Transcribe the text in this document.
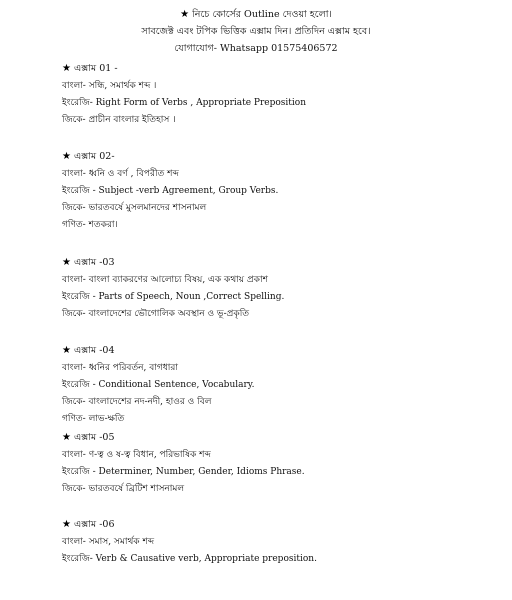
★ নিচে কোর্সের Outline দেওয়া হলো।
সাবজেক্ট এবং টপিক ভিত্তিক এক্সাম দিন। প্রতিদিন এক্সাম হবে।
যোগাযোগ- Whatsapp 01575406572
★ এক্সাম 01 -
বাংলা- সন্ধি, সমার্থক শব্দ ।
ইংরেজি- Right Form of Verbs , Appropriate Preposition
জিকে- প্রাচীন বাংলার ইতিহাস ।
★ এক্সাম 02-
বাংলা- ধ্বনি ও বর্ণ , বিপরীত শব্দ
ইংরেজি - Subject -verb Agreement, Group Verbs.
জিকে- ভারতবর্ষে মুসলমানদের শাসনামল
গণিত- শতকরা।
★ এক্সাম -03
বাংলা- বাংলা ব্যাকরণের আলোচ্য বিষয়, এক কথায় প্রকাশ
ইংরেজি - Parts of Speech, Noun ,Correct Spelling.
জিকে- বাংলাদেশের ভৌগোলিক অবস্থান ও ভূ-প্রকৃতি
★ এক্সাম -04
বাংলা- ধ্বনির পরিবর্তন, বাগধারা
ইংরেজি - Conditional Sentence, Vocabulary.
জিকে- বাংলাদেশের নদ-নদী, হাওর ও বিল
গণিত- লাভ-ক্ষতি
★ এক্সাম -05
বাংলা- ণ-ত্ব ও ষ-ত্ব বিধান, পরিভাষিক শব্দ
ইংরেজি - Determiner, Number, Gender, Idioms Phrase.
জিকে- ভারতবর্ষে ব্রিটিশ শাসনামল
★ এক্সাম -06
বাংলা- সমাস, সমার্থক শব্দ
ইংরেজি- Verb & Causative verb, Appropriate preposition.
